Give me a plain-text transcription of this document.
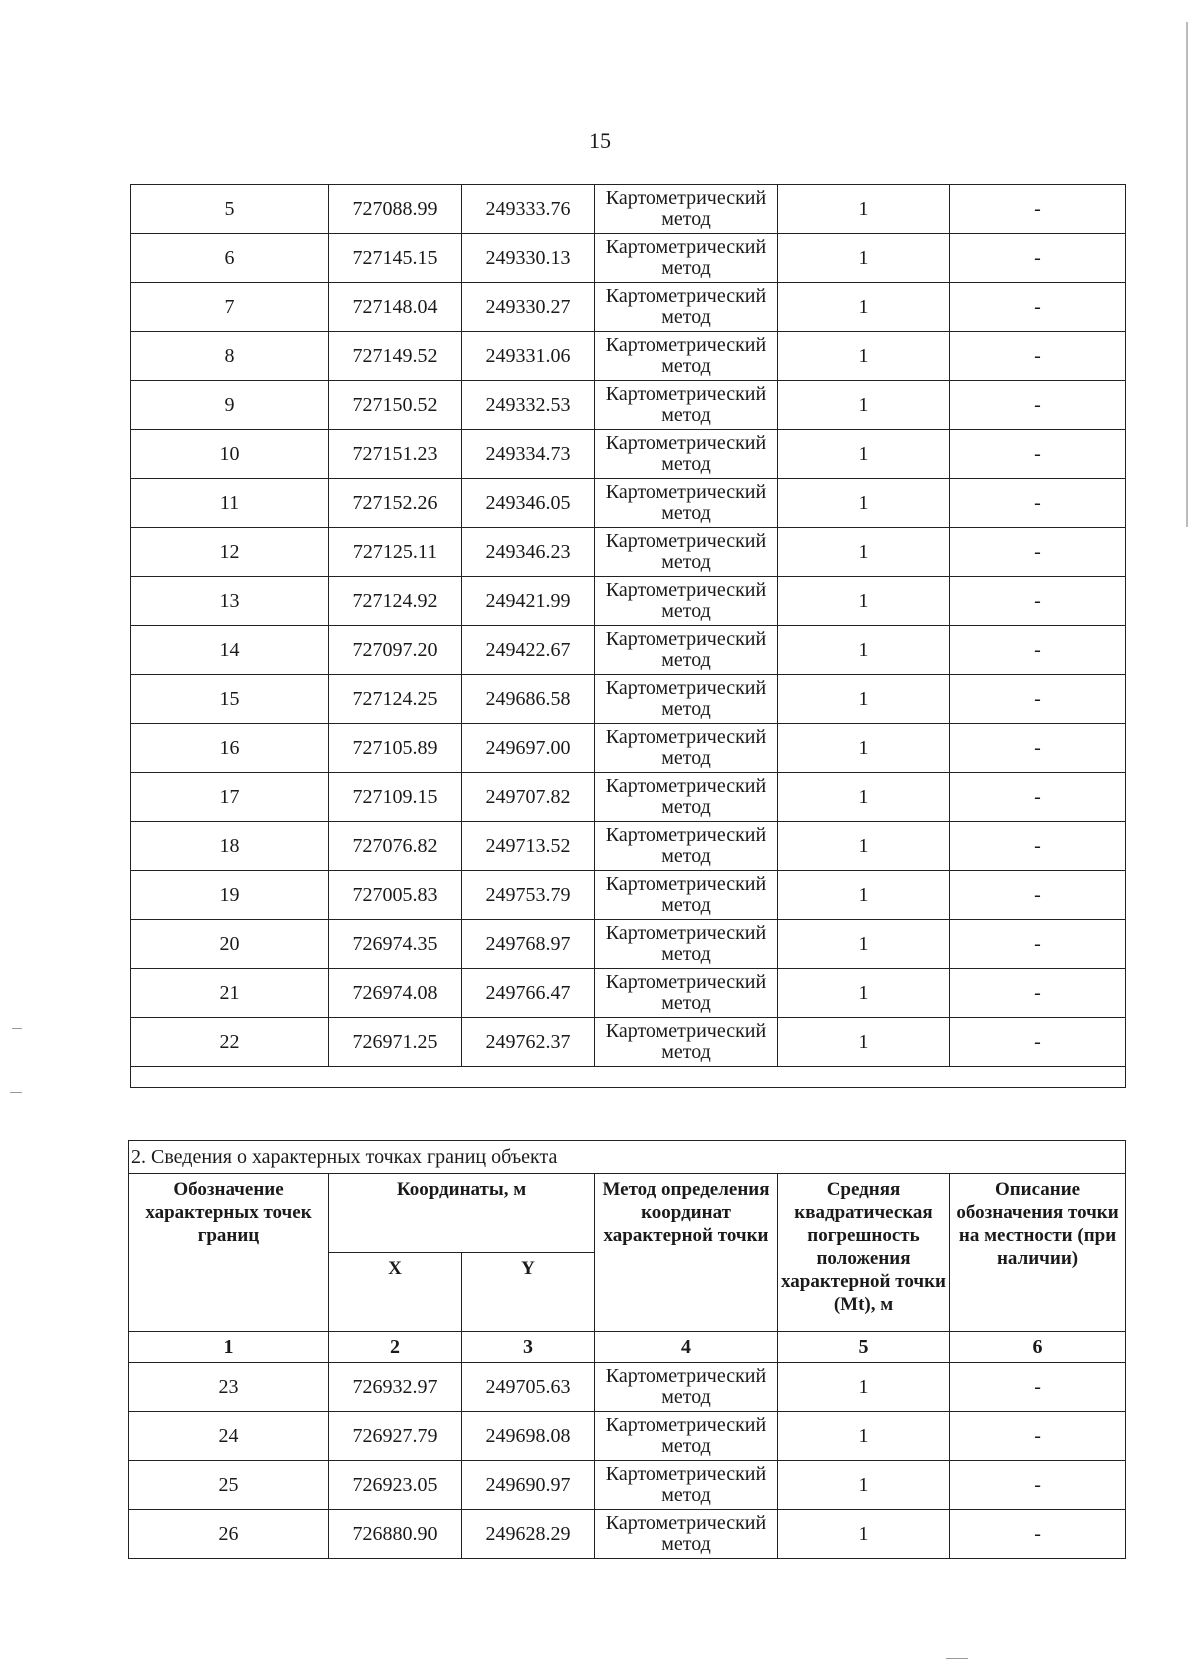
15
5	727088.99	249333.76	Картометрический метод	1	-
6	727145.15	249330.13	Картометрический метод	1	-
7	727148.04	249330.27	Картометрический метод	1	-
8	727149.52	249331.06	Картометрический метод	1	-
9	727150.52	249332.53	Картометрический метод	1	-
10	727151.23	249334.73	Картометрический метод	1	-
11	727152.26	249346.05	Картометрический метод	1	-
12	727125.11	249346.23	Картометрический метод	1	-
13	727124.92	249421.99	Картометрический метод	1	-
14	727097.20	249422.67	Картометрический метод	1	-
15	727124.25	249686.58	Картометрический метод	1	-
16	727105.89	249697.00	Картометрический метод	1	-
17	727109.15	249707.82	Картометрический метод	1	-
18	727076.82	249713.52	Картометрический метод	1	-
19	727005.83	249753.79	Картометрический метод	1	-
20	726974.35	249768.97	Картометрический метод	1	-
21	726974.08	249766.47	Картометрический метод	1	-
22	726971.25	249762.37	Картометрический метод	1	-

2. Сведения о характерных точках границ объекта					
Обозначение характерных точек границ	Координаты, м		Метод определения координат характерной точки	Средняя квадратическая погрешность положения характерной точки (Mt), м	Описание обозначения точки на местности (при наличии)
	X	Y			
1	2	3	4	5	6
23	726932.97	249705.63	Картометрический метод	1	-
24	726927.79	249698.08	Картометрический метод	1	-
25	726923.05	249690.97	Картометрический метод	1	-
26	726880.90	249628.29	Картометрический метод	1	-
